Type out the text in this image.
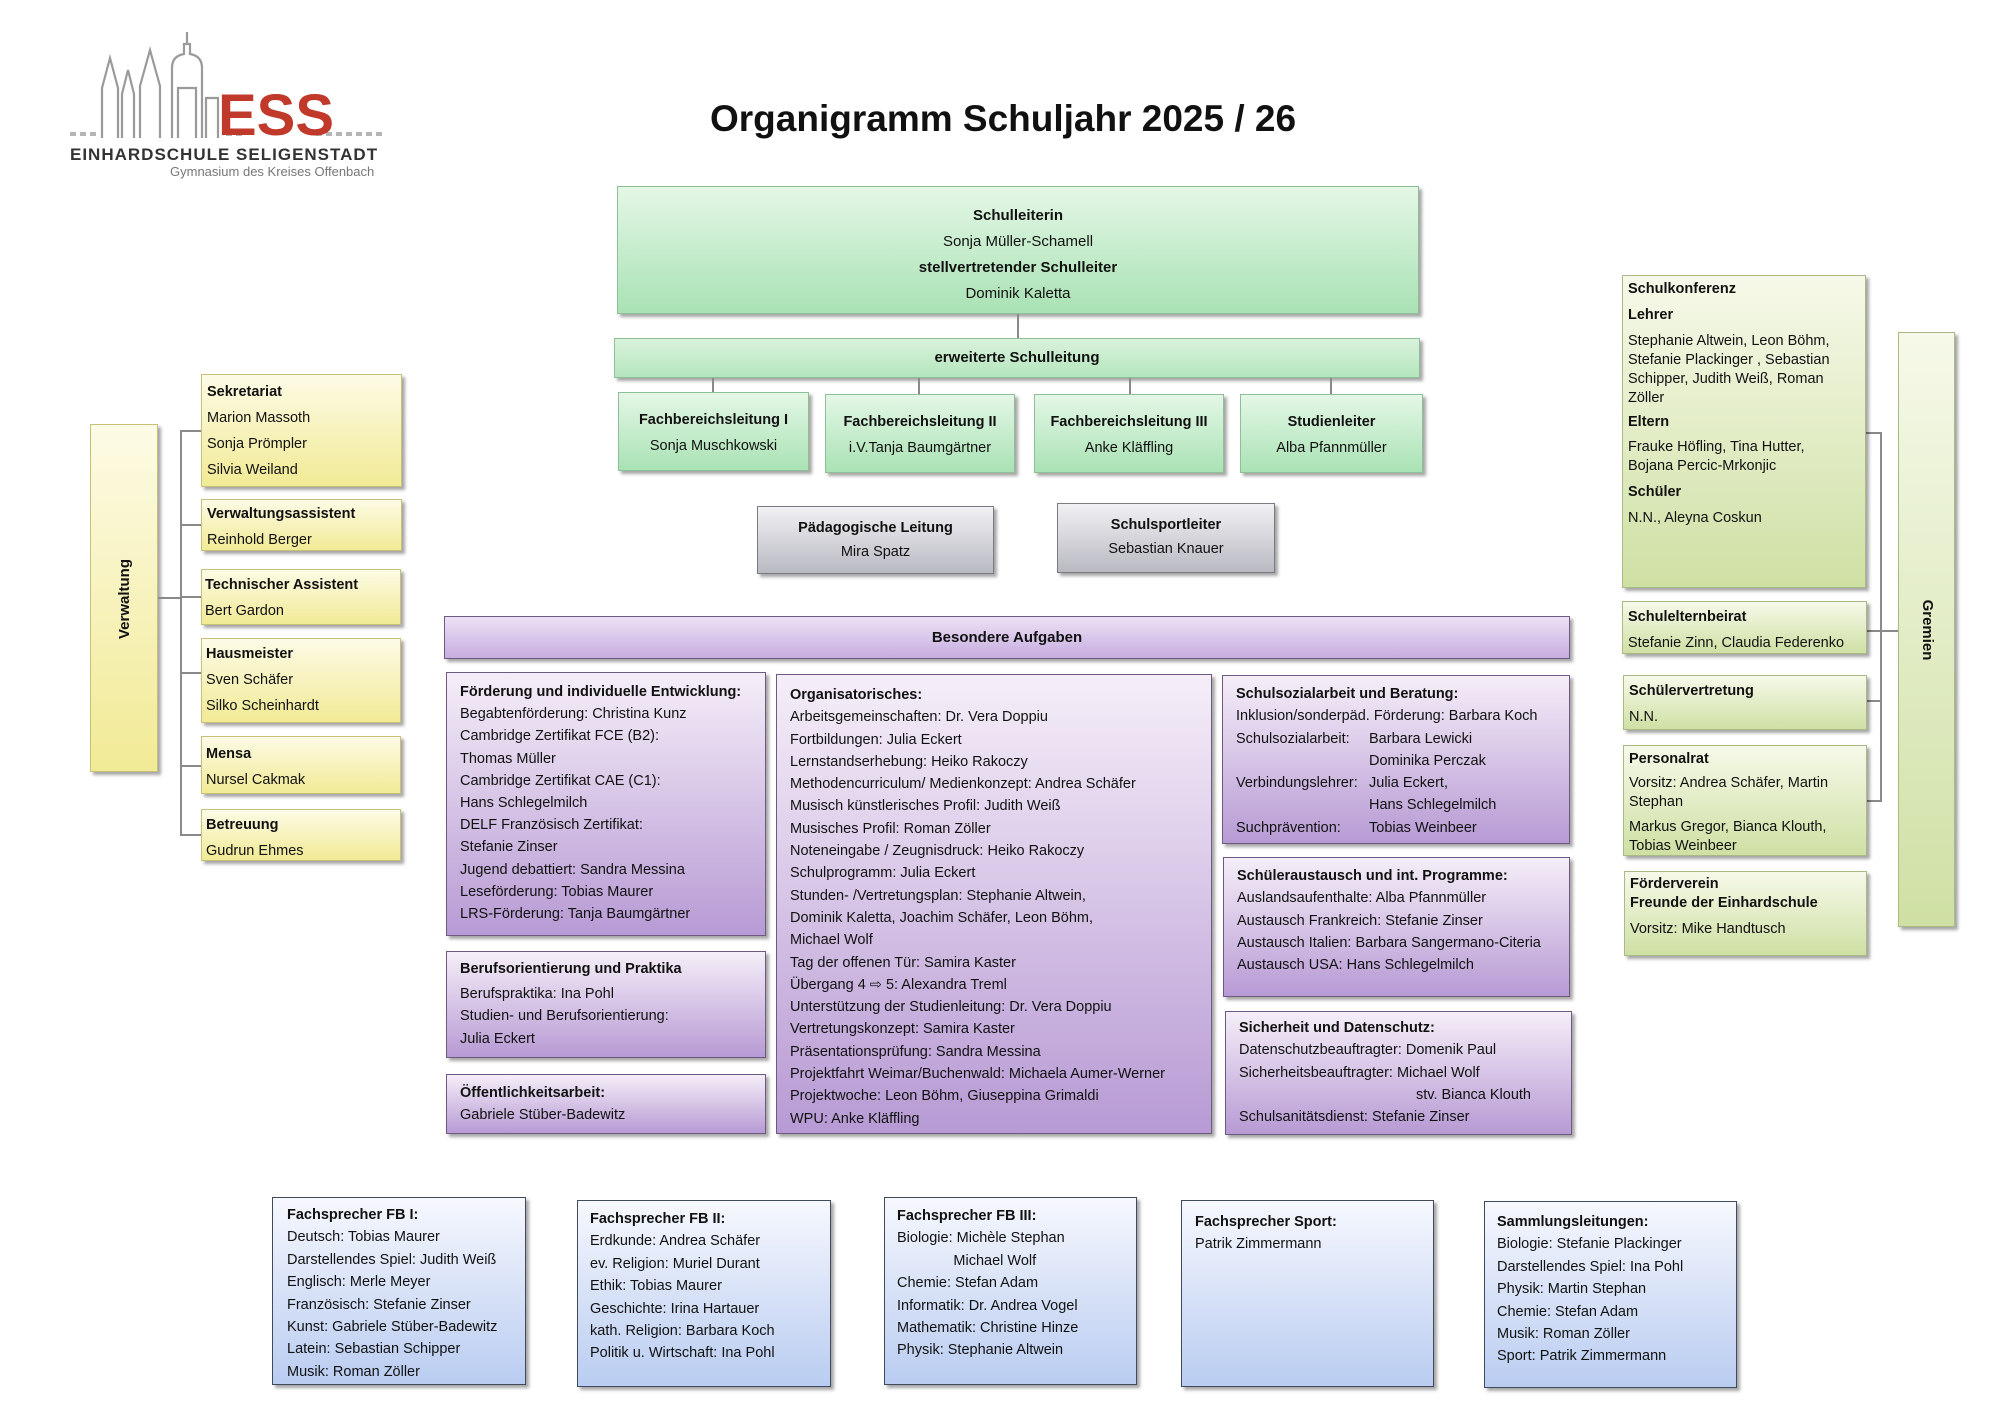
ESS
EINHARDSCHULE SELIGENSTADT
Gymnasium des Kreises Offenbach
Organigramm Schuljahr 2025 / 26
Schulleiterin
Sonja Müller-Schamell
stellvertretender Schulleiter
Dominik Kaletta
erweiterte Schulleitung
Fachbereichsleitung I
Sonja Muschkowski
Fachbereichsleitung II
i.V.Tanja Baumgärtner
Fachbereichsleitung III
Anke Kläffling
Studienleiter
Alba Pfannmüller
Pädagogische Leitung
Mira Spatz
Schulsportleiter
Sebastian Knauer
Verwaltung
Sekretariat
Marion Massoth
Sonja Prömpler
Silvia Weiland
Verwaltungsassistent
Reinhold Berger
Technischer Assistent
Bert Gardon
Hausmeister
Sven Schäfer
Silko Scheinhardt
Mensa
Nursel Cakmak
Betreuung
Gudrun Ehmes
Gremien
Schulkonferenz
Lehrer
Stephanie Altwein, Leon Böhm,
Stefanie Plackinger , Sebastian
Schipper, Judith Weiß, Roman
Zöller
Eltern
Frauke Höfling, Tina Hutter,
Bojana Percic-Mrkonjic
Schüler
N.N., Aleyna Coskun
Schulelternbeirat
Stefanie Zinn, Claudia Federenko
Schülervertretung
N.N.
Personalrat
Vorsitz: Andrea Schäfer, Martin
Stephan
Markus Gregor, Bianca Klouth,
Tobias Weinbeer
Förderverein
Freunde der Einhardschule
Vorsitz: Mike Handtusch
Besondere Aufgaben
Förderung und individuelle Entwicklung:
Begabtenförderung: Christina Kunz
Cambridge Zertifikat FCE (B2):
Thomas Müller
Cambridge Zertifikat CAE (C1):
Hans Schlegelmilch
DELF Französisch Zertifikat:
Stefanie Zinser
Jugend debattiert: Sandra Messina
Leseförderung: Tobias Maurer
LRS-Förderung: Tanja Baumgärtner
Berufsorientierung und Praktika
Berufspraktika: Ina Pohl
Studien- und Berufsorientierung:
Julia Eckert
Öffentlichkeitsarbeit:
Gabriele Stüber-Badewitz
Organisatorisches:
Arbeitsgemeinschaften: Dr. Vera Doppiu
Fortbildungen: Julia Eckert
Lernstandserhebung: Heiko Rakoczy
Methodencurriculum/ Medienkonzept: Andrea Schäfer
Musisch künstlerisches Profil: Judith Weiß
Musisches Profil: Roman Zöller
Noteneingabe / Zeugnisdruck: Heiko Rakoczy
Schulprogramm: Julia Eckert
Stunden- /Vertretungsplan: Stephanie Altwein,
Dominik Kaletta, Joachim Schäfer, Leon Böhm,
Michael Wolf
Tag der offenen Tür: Samira Kaster
Übergang 4 ⇨ 5: Alexandra Treml
Unterstützung der Studienleitung: Dr. Vera Doppiu
Vertretungskonzept: Samira Kaster
Präsentationsprüfung: Sandra Messina
Projektfahrt Weimar/Buchenwald: Michaela Aumer-Werner
Projektwoche: Leon Böhm, Giuseppina Grimaldi
WPU: Anke Kläffling
Schulsozialarbeit und Beratung:
Inklusion/sonderpäd. Förderung: Barbara Koch
Schulsozialarbeit: Barbara Lewicki
Dominika Perczak
Verbindungslehrer: Julia Eckert,
Hans Schlegelmilch
Suchprävention: Tobias Weinbeer
Schüleraustausch und int. Programme:
Auslandsaufenthalte: Alba Pfannmüller
Austausch Frankreich: Stefanie Zinser
Austausch Italien: Barbara Sangermano-Citeria
Austausch USA: Hans Schlegelmilch
Sicherheit und Datenschutz:
Datenschutzbeauftragter: Domenik Paul
Sicherheitsbeauftragter: Michael Wolf
stv. Bianca Klouth
Schulsanitätsdienst: Stefanie Zinser
Fachsprecher FB I:
Deutsch: Tobias Maurer
Darstellendes Spiel: Judith Weiß
Englisch: Merle Meyer
Französisch: Stefanie Zinser
Kunst: Gabriele Stüber-Badewitz
Latein: Sebastian Schipper
Musik: Roman Zöller
Fachsprecher FB II:
Erdkunde: Andrea Schäfer
ev. Religion: Muriel Durant
Ethik: Tobias Maurer
Geschichte: Irina Hartauer
kath. Religion: Barbara Koch
Politik u. Wirtschaft: Ina Pohl
Fachsprecher FB III:
Biologie: Michèle Stephan
Michael Wolf
Chemie: Stefan Adam
Informatik: Dr. Andrea Vogel
Mathematik: Christine Hinze
Physik: Stephanie Altwein
Fachsprecher Sport:
Patrik Zimmermann
Sammlungsleitungen:
Biologie: Stefanie Plackinger
Darstellendes Spiel: Ina Pohl
Physik: Martin Stephan
Chemie: Stefan Adam
Musik: Roman Zöller
Sport: Patrik Zimmermann
